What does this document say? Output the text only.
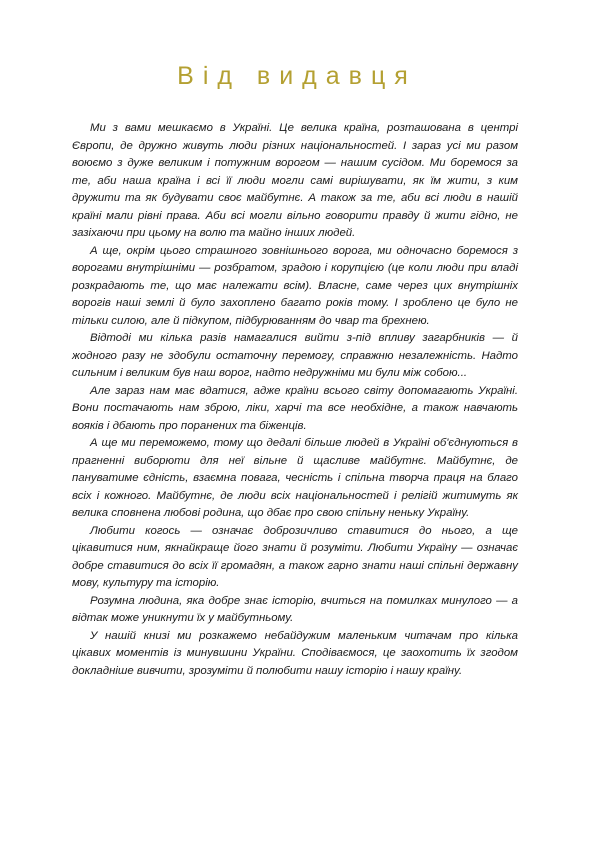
Від видавця

Ми з вами мешкаємо в Україні. Це велика країна, розташована в центрі Європи, де дружно живуть люди різних національностей. І зараз усі ми разом воюємо з дуже великим і потужним ворогом — нашим сусідом. Ми боремося за те, аби наша країна і всі її люди могли самі вирішувати, як їм жити, з ким дружити та як будувати своє майбутнє. А також за те, аби всі люди в нашій країні мали рівні права. Аби всі могли вільно говорити правду й жити гідно, не зазіхаючи при цьому на волю та майно інших людей.

А ще, окрім цього страшного зовнішнього ворога, ми одночасно боремося з ворогами внутрішніми — розбратом, зрадою і корупцією (це коли люди при владі розкрадають те, що має належати всім). Власне, саме через цих внутрішніх ворогів наші землі й було захоплено багато років тому. І зроблено це було не тільки силою, але й підкупом, підбурюванням до чвар та брехнею.

Відтоді ми кілька разів намагалися вийти з-під впливу загарбників — й жодного разу не здобули остаточну перемогу, справжню незалежність. Надто сильним і великим був наш ворог, надто недружніми ми були між собою...

Але зараз нам має вдатися, адже країни всього світу допомагають Україні. Вони постачають нам зброю, ліки, харчі та все необхідне, а також навчають вояків і дбають про поранених та біженців.

А ще ми переможемо, тому що дедалі більше людей в Україні об'єднуються в прагненні виборюти для неї вільне й щасливе майбутнє. Майбутнє, де пануватиме єдність, взаємна повага, чесність і спільна творча праця на благо всіх і кожного. Майбутнє, де люди всіх національностей і релігій житимуть як велика сповнена любові родина, що дбає про свою спільну неньку Україну.

Любити когось — означає доброзичливо ставитися до нього, а ще цікавитися ним, якнайкраще його знати й розуміти. Любити Україну — означає добре ставитися до всіх її громадян, а також гарно знати наші спільні державну мову, культуру та історію.

Розумна людина, яка добре знає історію, вчиться на помилках минулого — а відтак може уникнути їх у майбутньому.

У нашій книзі ми розкажемо небайдужим маленьким читачам про кілька цікавих моментів із минувшини України. Сподіваємося, це заохотить їх згодом докладніше вивчити, зрозуміти й полюбити нашу історію і нашу країну.
